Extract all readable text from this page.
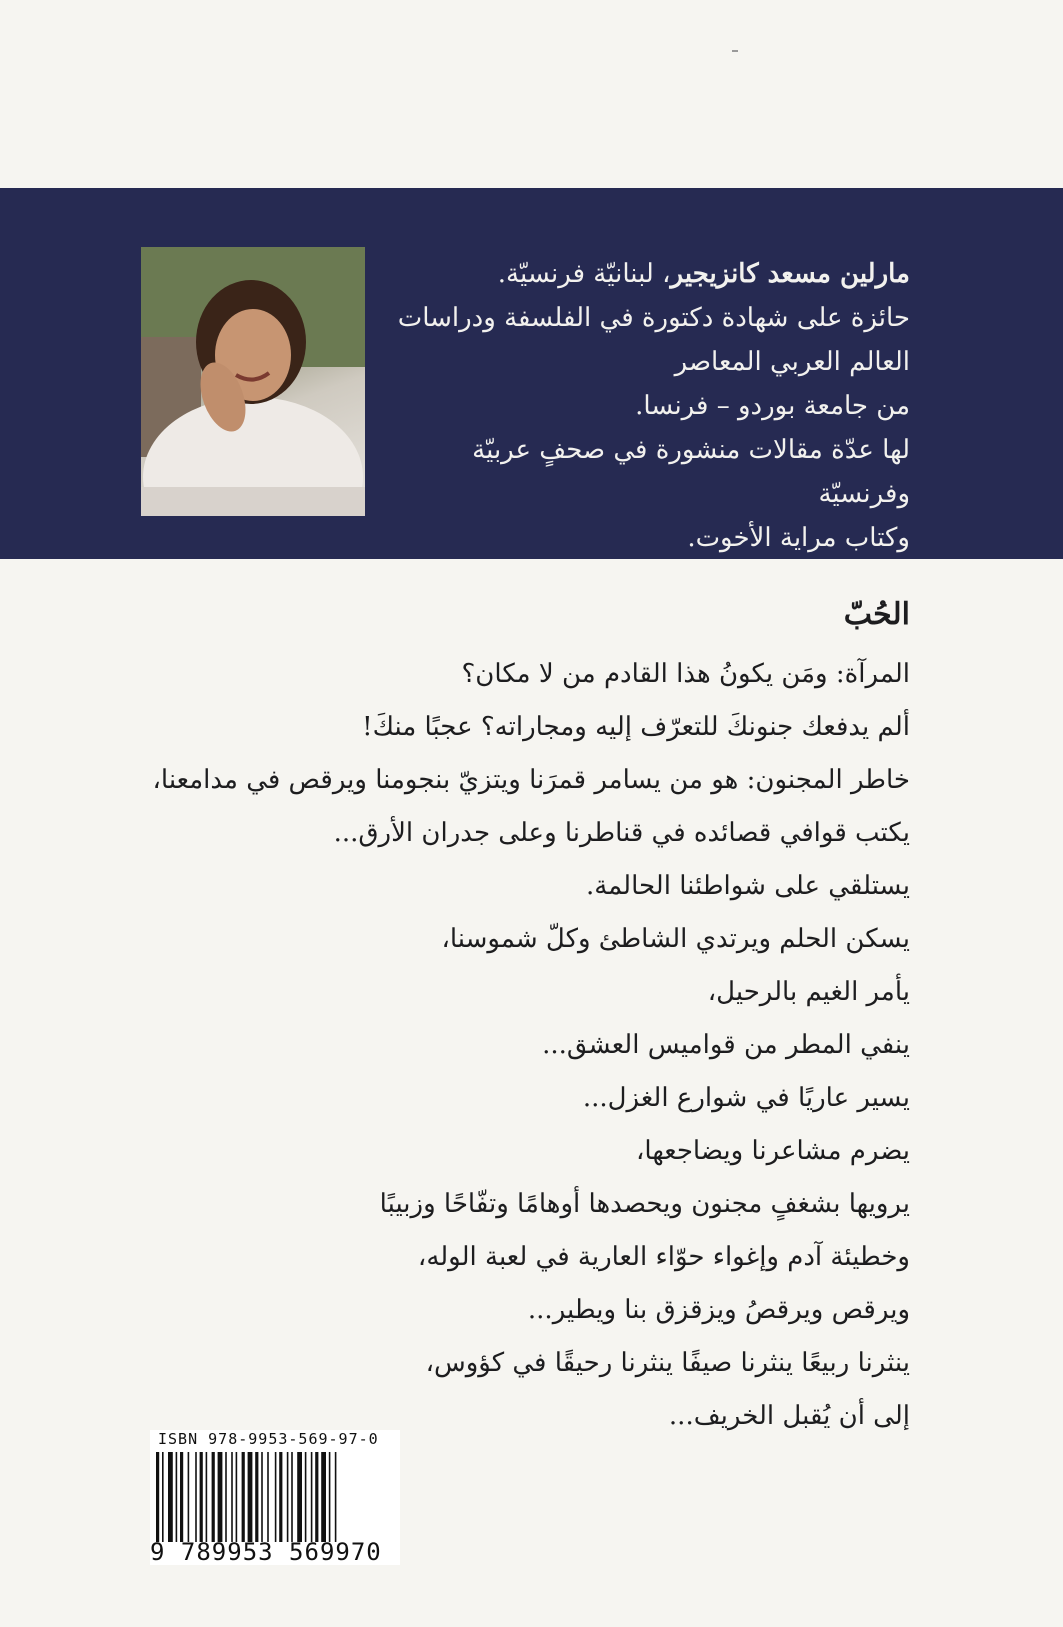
مارلين مسعد كانزيجير، لبنانيّة فرنسيّة.
حائزة على شهادة دكتورة في الفلسفة ودراسات
العالم العربي المعاصر
من جامعة بوردو – فرنسا.
لها عدّة مقالات منشورة في صحفٍ عربيّة وفرنسيّة
وكتاب مراية الأخوت.
الحُبّ
المرآة: ومَن يكونُ هذا القادم من لا مكان؟
ألم يدفعك جنونكَ للتعرّف إليه ومجاراته؟ عجبًا منكَ!
خاطر المجنون: هو من يسامر قمرَنا ويتزيّ بنجومنا ويرقص في مدامعنا،
يكتب قوافي قصائده في قناطرنا وعلى جدران الأرق...
يستلقي على شواطئنا الحالمة.
يسكن الحلم ويرتدي الشاطئ وكلّ شموسنا،
يأمر الغيم بالرحيل،
ينفي المطر من قواميس العشق...
يسير عاريًا في شوارع الغزل...
يضرم مشاعرنا ويضاجعها،
يرويها بشغفٍ مجنون ويحصدها أوهامًا وتفّاحًا وزبيبًا
وخطيئة آدم وإغواء حوّاء العارية في لعبة الوله،
ويرقص ويرقصُ ويزقزق بنا ويطير...
ينثرنا ربيعًا ينثرنا صيفًا ينثرنا رحيقًا في كؤوس،
إلى أن يُقبل الخريف...
ISBN 978-9953-569-97-0
9 789953 569970
